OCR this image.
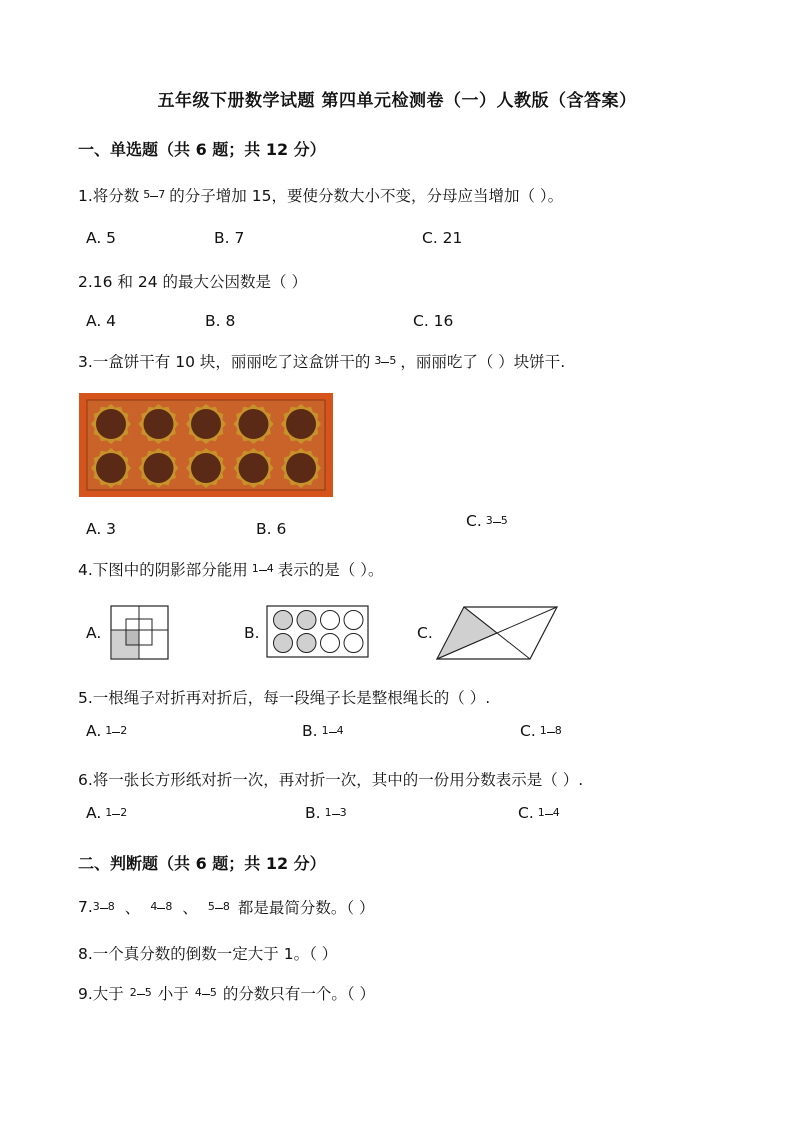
五年级下册数学试题 第四单元检测卷（一）人教版（含答案）
一、单选题（共 6 题；共 12 分）
1.将分数 5 7 的分子增加 15，要使分数大小不变，分母应当增加（ ）。
A. 5	B. 7	C. 21
2.16 和 24 的最大公因数是（ ）
A. 4	B. 8	C. 16
3.一盒饼干有 10 块，丽丽吃了这盒饼干的 3 5 ，丽丽吃了（ ）块饼干.
A. 3	B. 6	C. 3 5
4.下图中的阴影部分能用 1 4 表示的是（ ）。
A.	B.	C.
5.一根绳子对折再对折后，每一段绳子长是整根绳长的（ ）.
A. 1 2	B. 1 4	C. 1 8
6.将一张长方形纸对折一次，再对折一次，其中的一份用分数表示是（ ）.
A. 1 2	B. 1 3	C. 1 4
二、判断题（共 6 题；共 12 分）
7. 3 8 、 4 8 、 5 8 都是最简分数。（ ）
8.一个真分数的倒数一定大于 1。（ ）
9.大于 2 5 小于 4 5 的分数只有一个。（ ）
